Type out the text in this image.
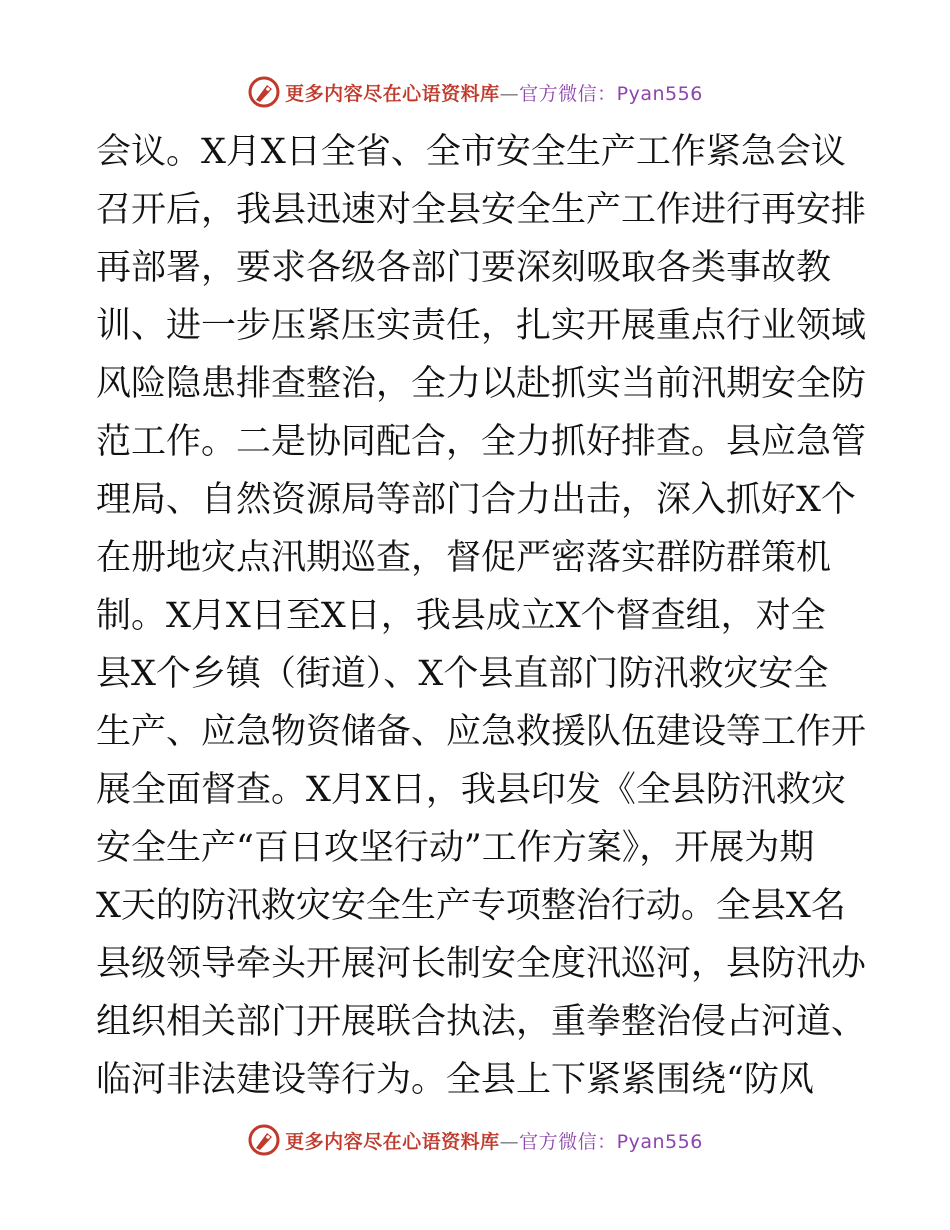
更多内容尽在心语资料库—官方微信：Pyan556
会议。X月X日全省、全市安全生产工作紧急会议
召开后，我县迅速对全县安全生产工作进行再安排
再部署，要求各级各部门要深刻吸取各类事故教
训、进一步压紧压实责任，扎实开展重点行业领域
风险隐患排查整治，全力以赴抓实当前汛期安全防
范工作。二是协同配合，全力抓好排查。县应急管
理局、自然资源局等部门合力出击，深入抓好X个
在册地灾点汛期巡查，督促严密落实群防群策机
制。X月X日至X日，我县成立X个督查组，对全
县X个乡镇（街道）、X个县直部门防汛救灾安全
生产、应急物资储备、应急救援队伍建设等工作开
展全面督查。X月X日，我县印发《全县防汛救灾
安全生产“百日攻坚行动”工作方案》，开展为期
X天的防汛救灾安全生产专项整治行动。全县X名
县级领导牵头开展河长制安全度汛巡河，县防汛办
组织相关部门开展联合执法，重拳整治侵占河道、
临河非法建设等行为。全县上下紧紧围绕“防风
更多内容尽在心语资料库—官方微信：Pyan556
